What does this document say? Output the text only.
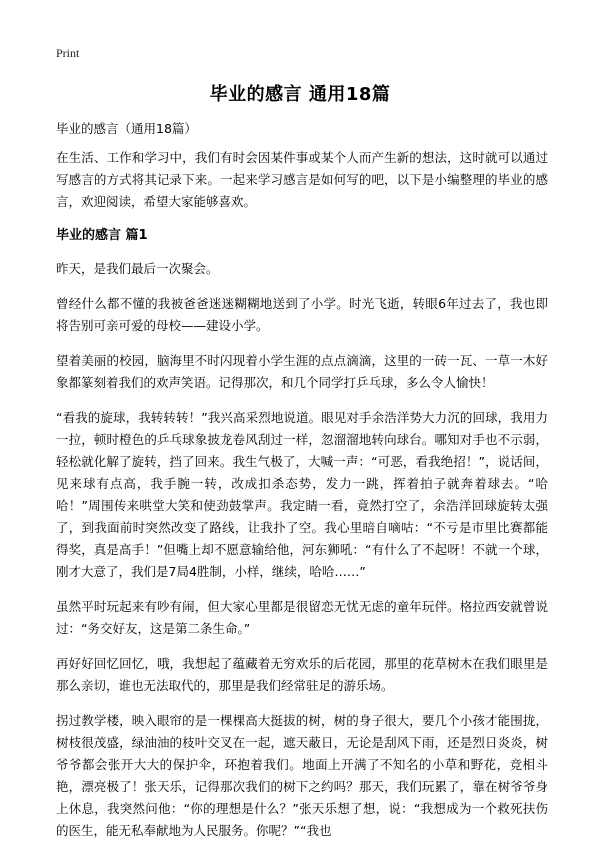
Print
毕业的感言 通用18篇

毕业的感言（通用18篇）

在生活、工作和学习中，我们有时会因某件事或某个人而产生新的想法，这时就可以通过写感言的方式将其记录下来。一起来学习感言是如何写的吧，以下是小编整理的毕业的感言，欢迎阅读，希望大家能够喜欢。

毕业的感言 篇1

昨天，是我们最后一次聚会。

曾经什么都不懂的我被爸爸迷迷糊糊地送到了小学。时光飞逝，转眼6年过去了，我也即将告别可亲可爱的母校——建设小学。

望着美丽的校园，脑海里不时闪现着小学生涯的点点滴滴，这里的一砖一瓦、一草一木好象都篆刻着我们的欢声笑语。记得那次，和几个同学打乒乓球，多么令人愉快！

“看我的旋球，我转转转！”我兴高采烈地说道。眼见对手余浩洋势大力沉的回球，我用力一拉，顿时橙色的乒乓球象披龙卷风刮过一样，忽溜溜地转向球台。哪知对手也不示弱，轻松就化解了旋转，挡了回来。我生气极了，大喊一声：“可恶，看我绝招！”，说话间，见来球有点高，我手腕一转，改成扣杀态势，发力一跳，挥着拍子就奔着球去。“哈哈！”周围传来哄堂大笑和使劲鼓掌声。我定睛一看，竟然打空了，余浩洋回球旋转太强了，到我面前时突然改变了路线，让我扑了空。我心里暗自嘀咕：“不亏是市里比赛都能得奖，真是高手！”但嘴上却不愿意输给他，河东狮吼：“有什么了不起呀！不就一个球，刚才大意了，我们是7局4胜制，小样，继续，哈哈……”

虽然平时玩起来有吵有闹，但大家心里都是很留恋无忧无虑的童年玩伴。格拉西安就曾说过：“务交好友，这是第二条生命。”

再好好回忆回忆，哦，我想起了蕴藏着无穷欢乐的后花园，那里的花草树木在我们眼里是那么亲切，谁也无法取代的，那里是我们经常驻足的游乐场。

拐过教学楼，映入眼帘的是一棵棵高大挺拔的树，树的身子很大，要几个小孩才能围拢，树枝很茂盛，绿油油的枝叶交叉在一起，遮天蔽日，无论是刮风下雨，还是烈日炎炎，树爷爷都会张开大大的保护伞，环抱着我们。地面上开满了不知名的小草和野花，竞相斗艳，漂亮极了！张天乐，记得那次我们的树下之约吗？那天，我们玩累了，靠在树爷爷身上休息，我突然问他：“你的理想是什么？”张天乐想了想，说：“我想成为一个救死扶伤的医生，能无私奉献地为人民服务。你呢？”“我也
